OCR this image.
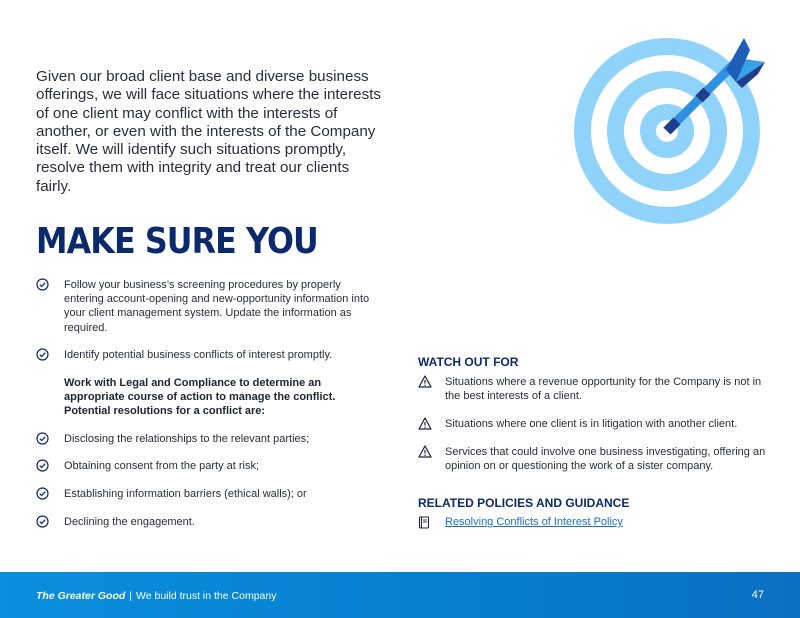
Given our broad client base and diverse business offerings, we will face situations where the interests of one client may conflict with the interests of another, or even with the interests of the Company itself. We will identify such situations promptly, resolve them with integrity and treat our clients fairly.
MAKE SURE YOU
Follow your business’s screening procedures by properly entering account-opening and new-opportunity information into your client management system. Update the information as required.
Identify potential business conflicts of interest promptly.
Disclosing the relationships to the relevant parties;
Obtaining consent from the party at risk;
Establishing information barriers (ethical walls); or
Declining the engagement.
Work with Legal and Compliance to determine an appropriate course of action to manage the conflict. Potential resolutions for a conflict are:
WATCH OUT FOR
Situations where a revenue opportunity for the Company is not in the best interests of a client.
Situations where one client is in litigation with another client.
Services that could involve one business investigating, offering an opinion on or questioning the work of a sister company.
RELATED POLICIES AND GUIDANCE
Resolving Conflicts of Interest Policy
The Greater Good | We build trust in the Company	47
